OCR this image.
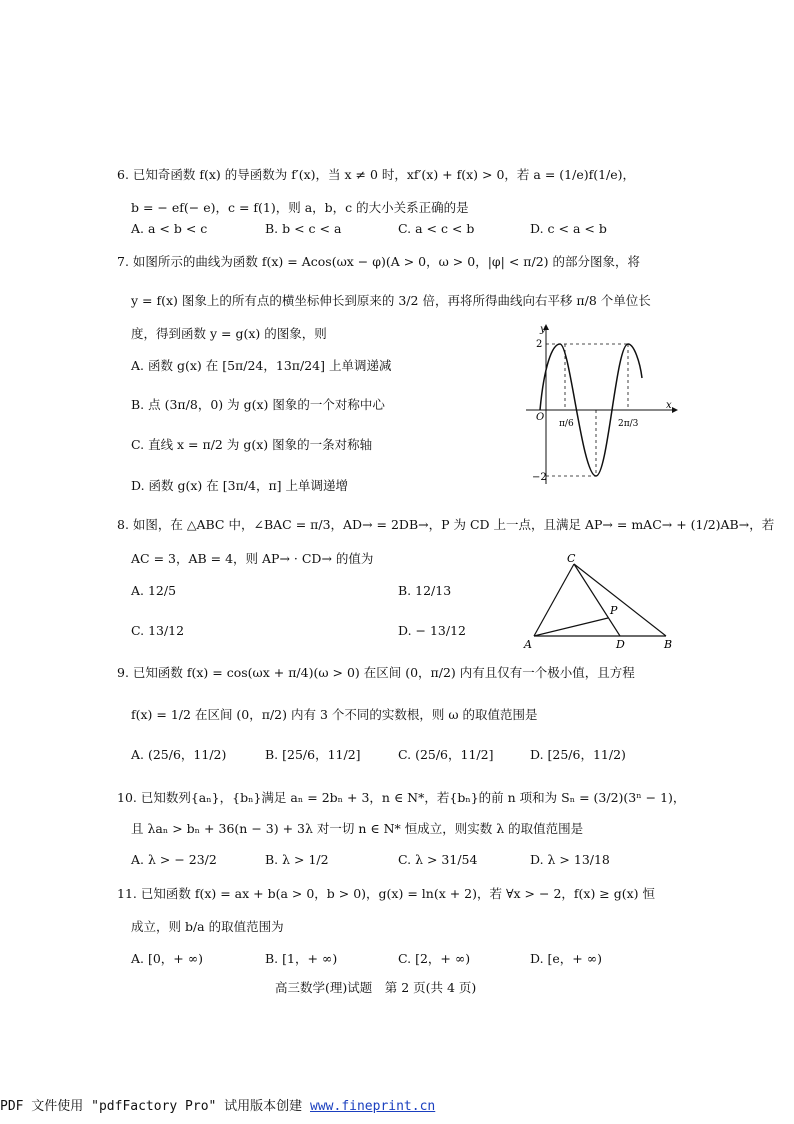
6. 已知奇函数 f(x) 的导函数为 f′(x)，当 x ≠ 0 时，xf′(x) + f(x) > 0，若 a = (1/e)f(1/e)，
b = − ef(− e)，c = f(1)，则 a，b，c 的大小关系正确的是
A. a < b < c	B. b < c < a	C. a < c < b	D. c < a < b
7. 如图所示的曲线为函数 f(x) = Acos(ωx − φ)(A > 0，ω > 0，|φ| < π/2) 的部分图象，将
y = f(x) 图象上的所有点的横坐标伸长到原来的 3/2 倍，再将所得曲线向右平移 π/8 个单位长
度，得到函数 y = g(x) 的图象，则
A. 函数 g(x) 在 [5π/24，13π/24] 上单调递减
B. 点 (3π/8，0) 为 g(x) 图象的一个对称中心
C. 直线 x = π/2 为 g(x) 图象的一条对称轴
D. 函数 g(x) 在 [3π/4，π] 上单调递增
y
x
O
2
−2
π/6	2π/3
8. 如图，在 △ABC 中，∠BAC = π/3，AD→ = 2DB→，P 为 CD 上一点，且满足 AP→ = mAC→ + (1/2)AB→，若
AC = 3，AB = 4，则 AP→ · CD→ 的值为
A. 12/5	B. 12/13
C. 13/12	D. − 13/12
C
P
A	D	B
9. 已知函数 f(x) = cos(ωx + π/4)(ω > 0) 在区间 (0，π/2) 内有且仅有一个极小值，且方程
f(x) = 1/2 在区间 (0，π/2) 内有 3 个不同的实数根，则 ω 的取值范围是
A. (25/6，11/2)	B. [25/6，11/2]	C. (25/6，11/2]	D. [25/6，11/2)
10. 已知数列{aₙ}，{bₙ}满足 aₙ = 2bₙ + 3，n ∈ N*，若{bₙ}的前 n 项和为 Sₙ = (3/2)(3ⁿ − 1)，
且 λaₙ > bₙ + 36(n − 3) + 3λ 对一切 n ∈ N* 恒成立，则实数 λ 的取值范围是
A. λ > − 23/2	B. λ > 1/2	C. λ > 31/54	D. λ > 13/18
11. 已知函数 f(x) = ax + b(a > 0，b > 0)，g(x) = ln(x + 2)，若 ∀x > − 2，f(x) ≥ g(x) 恒
成立，则 b/a 的取值范围为
A. [0，+ ∞)	B. [1，+ ∞)	C. [2，+ ∞)	D. [e，+ ∞)
高三数学(理)试题　第 2 页(共 4 页)
PDF 文件使用 "pdfFactory Pro" 试用版本创建 www.fineprint.cn
